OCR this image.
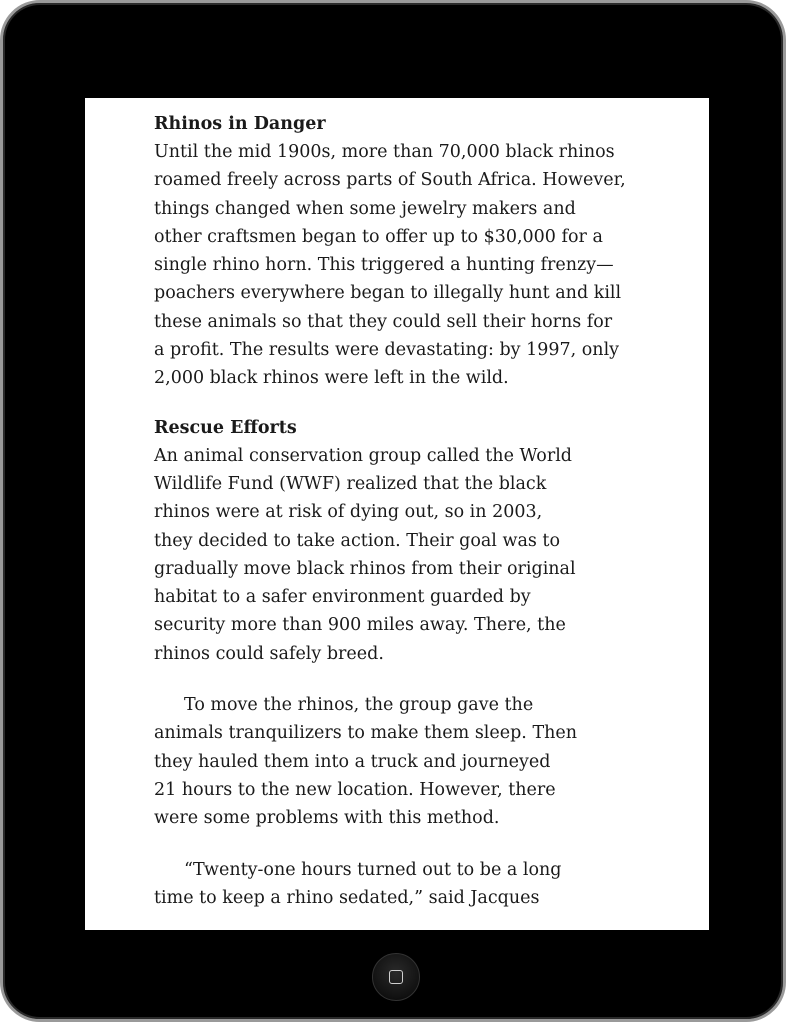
Rhinos in Danger

Until the mid 1900s, more than 70,000 black rhinos
roamed freely across parts of South Africa. However,
things changed when some jewelry makers and
other craftsmen began to offer up to $30,000 for a
single rhino horn. This triggered a hunting frenzy—
poachers everywhere began to illegally hunt and kill
these animals so that they could sell their horns for
a profit. The results were devastating: by 1997, only
2,000 black rhinos were left in the wild.

Rescue Efforts

An animal conservation group called the World
Wildlife Fund (WWF) realized that the black
rhinos were at risk of dying out, so in 2003,
they decided to take action. Their goal was to
gradually move black rhinos from their original
habitat to a safer environment guarded by
security more than 900 miles away. There, the
rhinos could safely breed.

To move the rhinos, the group gave the
animals tranquilizers to make them sleep. Then
they hauled them into a truck and journeyed
21 hours to the new location. However, there
were some problems with this method.

“Twenty-one hours turned out to be a long
time to keep a rhino sedated,” said Jacques
